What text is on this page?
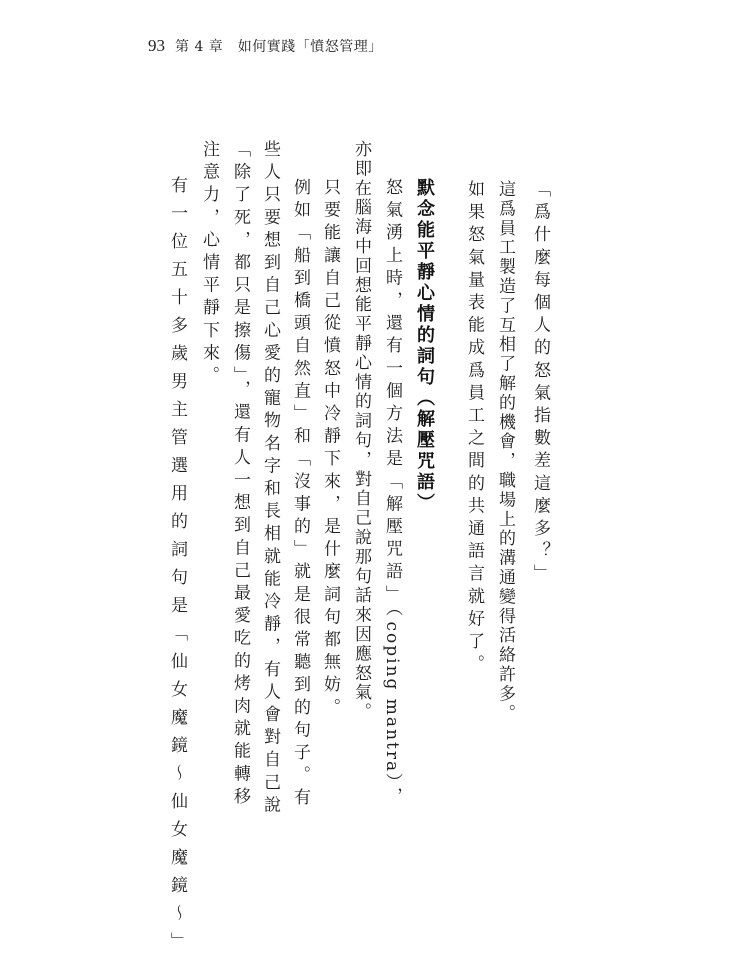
93 第 4 章　如何實踐「憤怒管理」
「爲什麼每個人的怒氣指數差這麼多？」
這爲員工製造了互相了解的機會，職場上的溝通變得活絡許多。
如果怒氣量表能成爲員工之間的共通語言就好了。
默念能平靜心情的詞句（解壓咒語）
怒氣湧上時，還有一個方法是「解壓咒語」（coping mantra），
亦即在腦海中回想能平靜心情的詞句，對自己說那句話來因應怒氣。
只要能讓自己從憤怒中冷靜下來，是什麼詞句都無妨。
例如「船到橋頭自然直」和「沒事的」就是很常聽到的句子。有
些人只要想到自己心愛的寵物名字和長相就能冷靜，有人會對自己說
「除了死，都只是擦傷」，還有人一想到自己最愛吃的烤肉就能轉移
注意力，心情平靜下來。
有一位五十多歲男主管選用的詞句是「仙女魔鏡～仙女魔鏡～」
